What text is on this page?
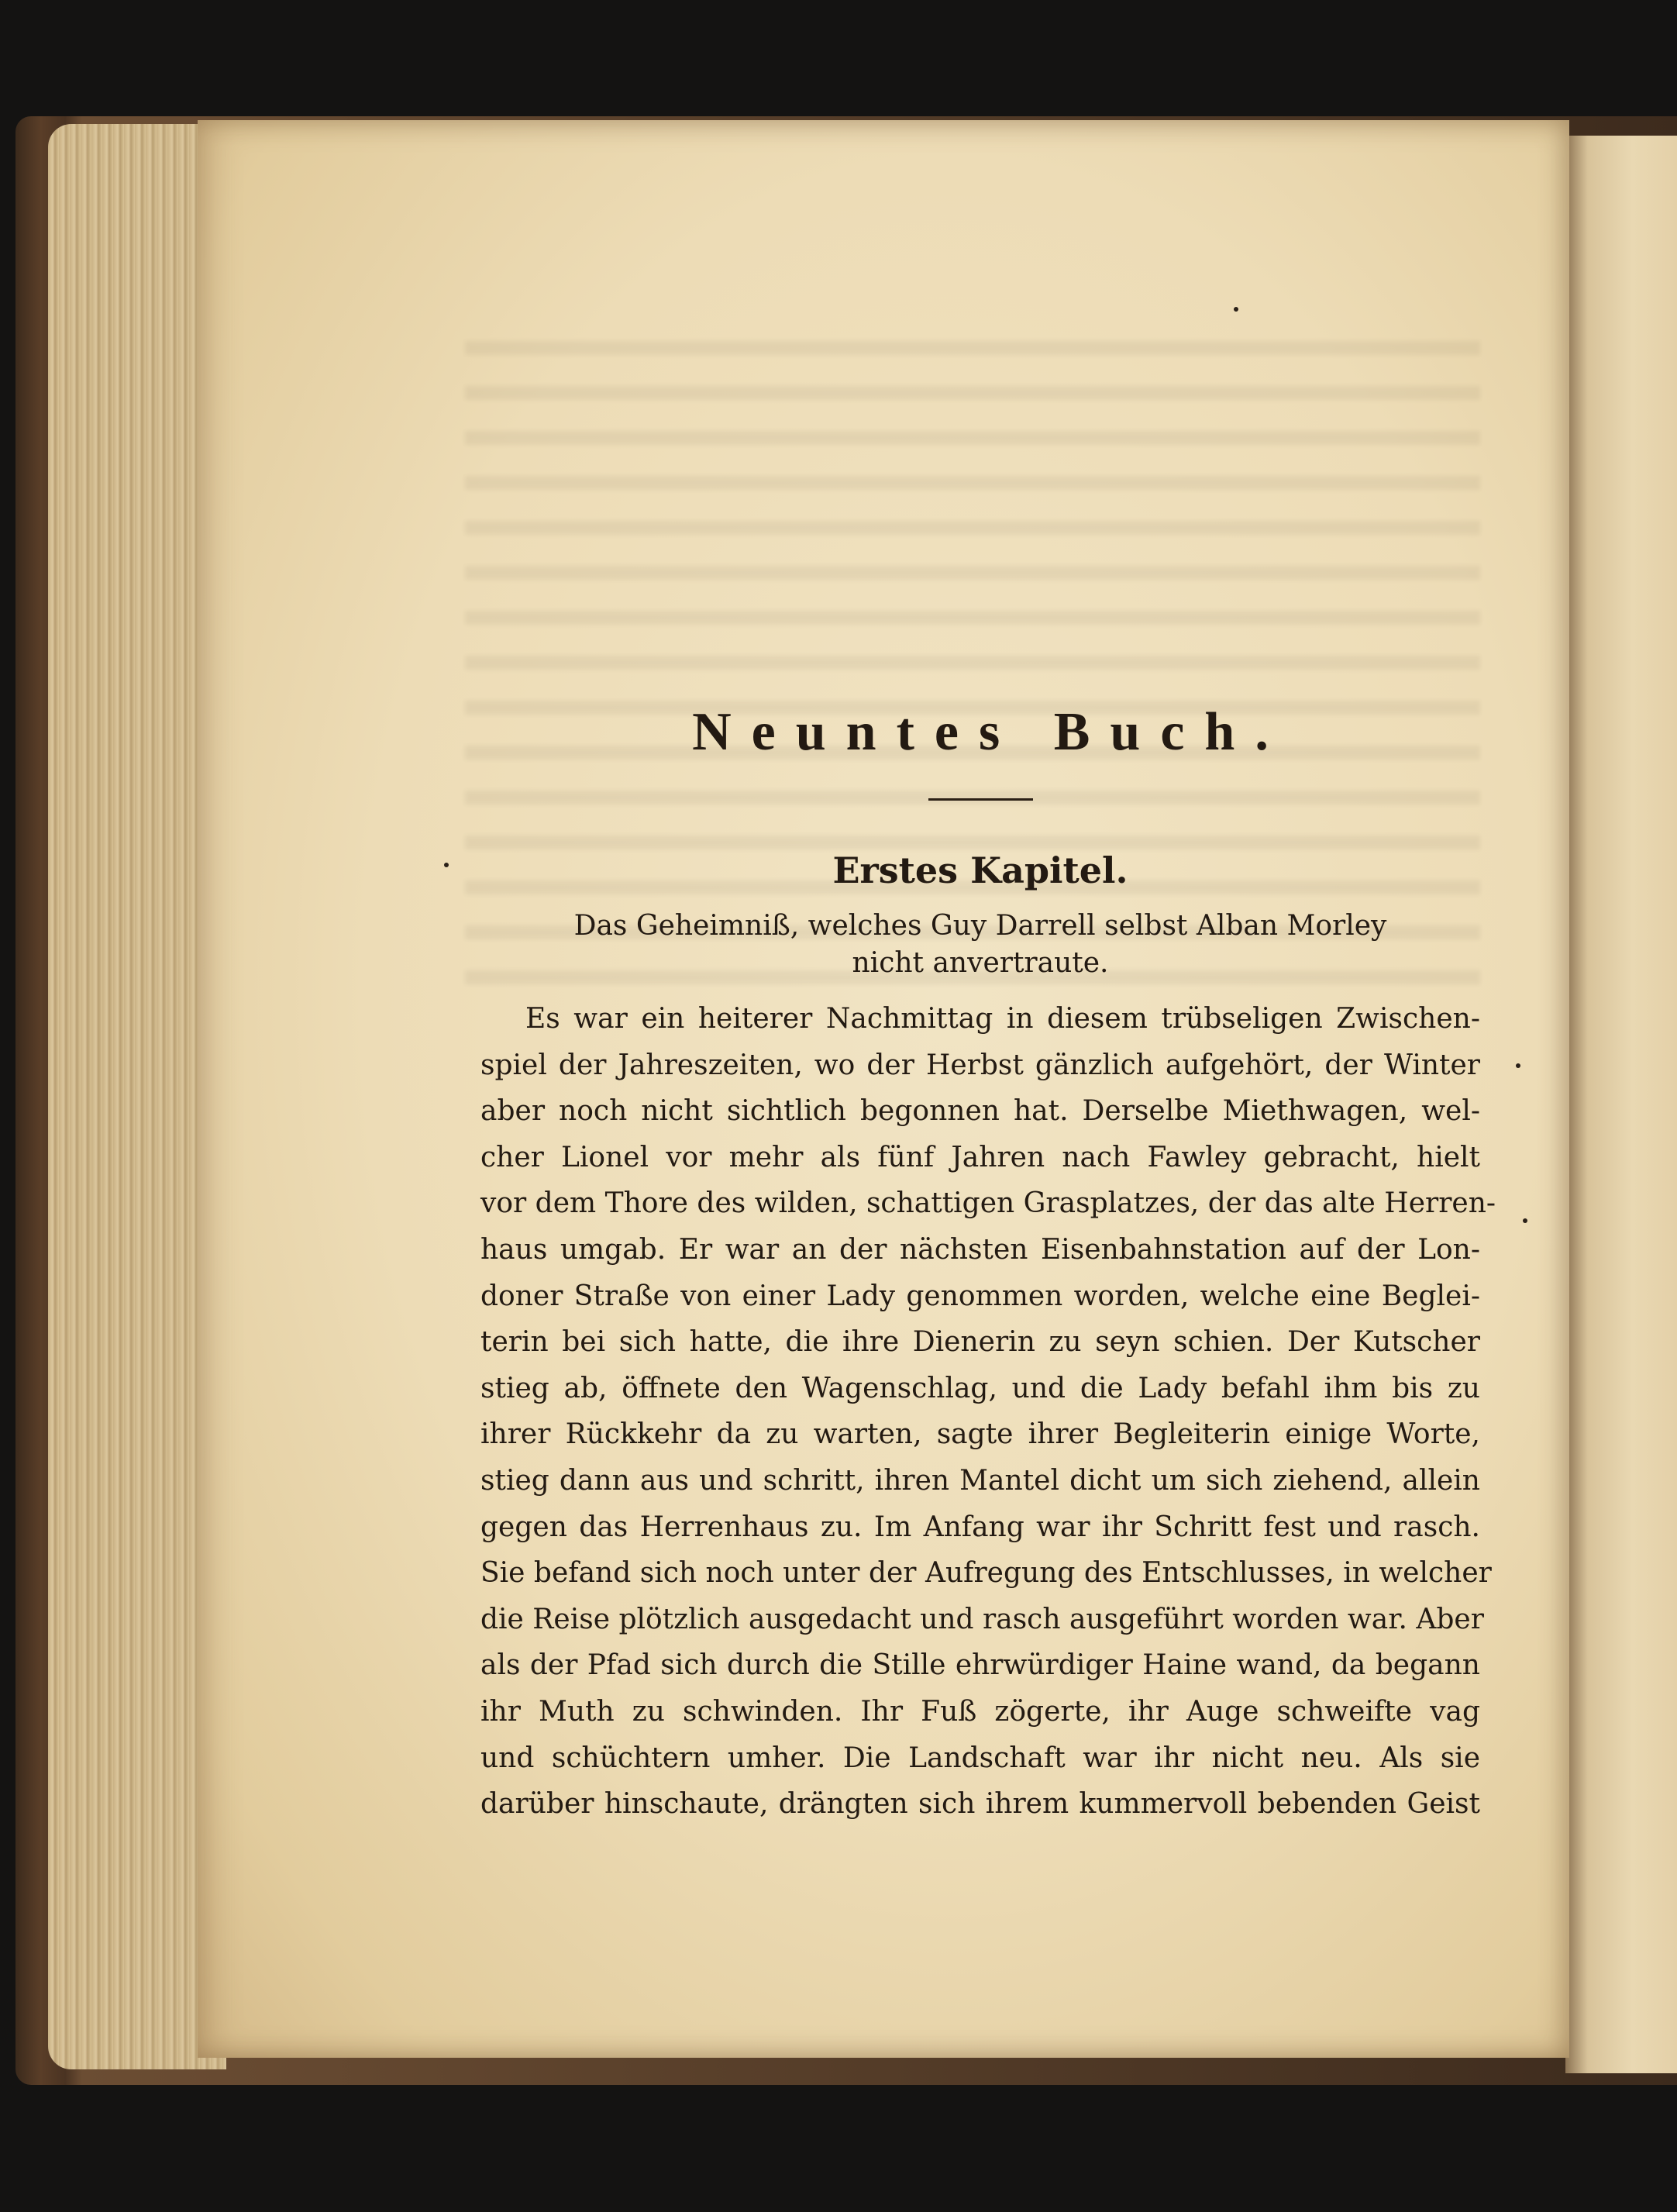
Neuntes Buch.
Erstes Kapitel.
Das Geheimniß, welches Guy Darrell selbst Alban Morley nicht anvertraute.
Es war ein heiterer Nachmittag in diesem trübseligen Zwischen-
spiel der Jahreszeiten, wo der Herbst gänzlich aufgehört, der Winter
aber noch nicht sichtlich begonnen hat. Derselbe Miethwagen, wel-
cher Lionel vor mehr als fünf Jahren nach Fawley gebracht, hielt
vor dem Thore des wilden, schattigen Grasplatzes, der das alte Herren-
haus umgab. Er war an der nächsten Eisenbahnstation auf der Lon-
doner Straße von einer Lady genommen worden, welche eine Beglei-
terin bei sich hatte, die ihre Dienerin zu seyn schien. Der Kutscher
stieg ab, öffnete den Wagenschlag, und die Lady befahl ihm bis zu
ihrer Rückkehr da zu warten, sagte ihrer Begleiterin einige Worte,
stieg dann aus und schritt, ihren Mantel dicht um sich ziehend, allein
gegen das Herrenhaus zu. Im Anfang war ihr Schritt fest und rasch.
Sie befand sich noch unter der Aufregung des Entschlusses, in welcher
die Reise plötzlich ausgedacht und rasch ausgeführt worden war. Aber
als der Pfad sich durch die Stille ehrwürdiger Haine wand, da begann
ihr Muth zu schwinden. Ihr Fuß zögerte, ihr Auge schweifte vag
und schüchtern umher. Die Landschaft war ihr nicht neu. Als sie
darüber hinschaute, drängten sich ihrem kummervoll bebenden Geist
